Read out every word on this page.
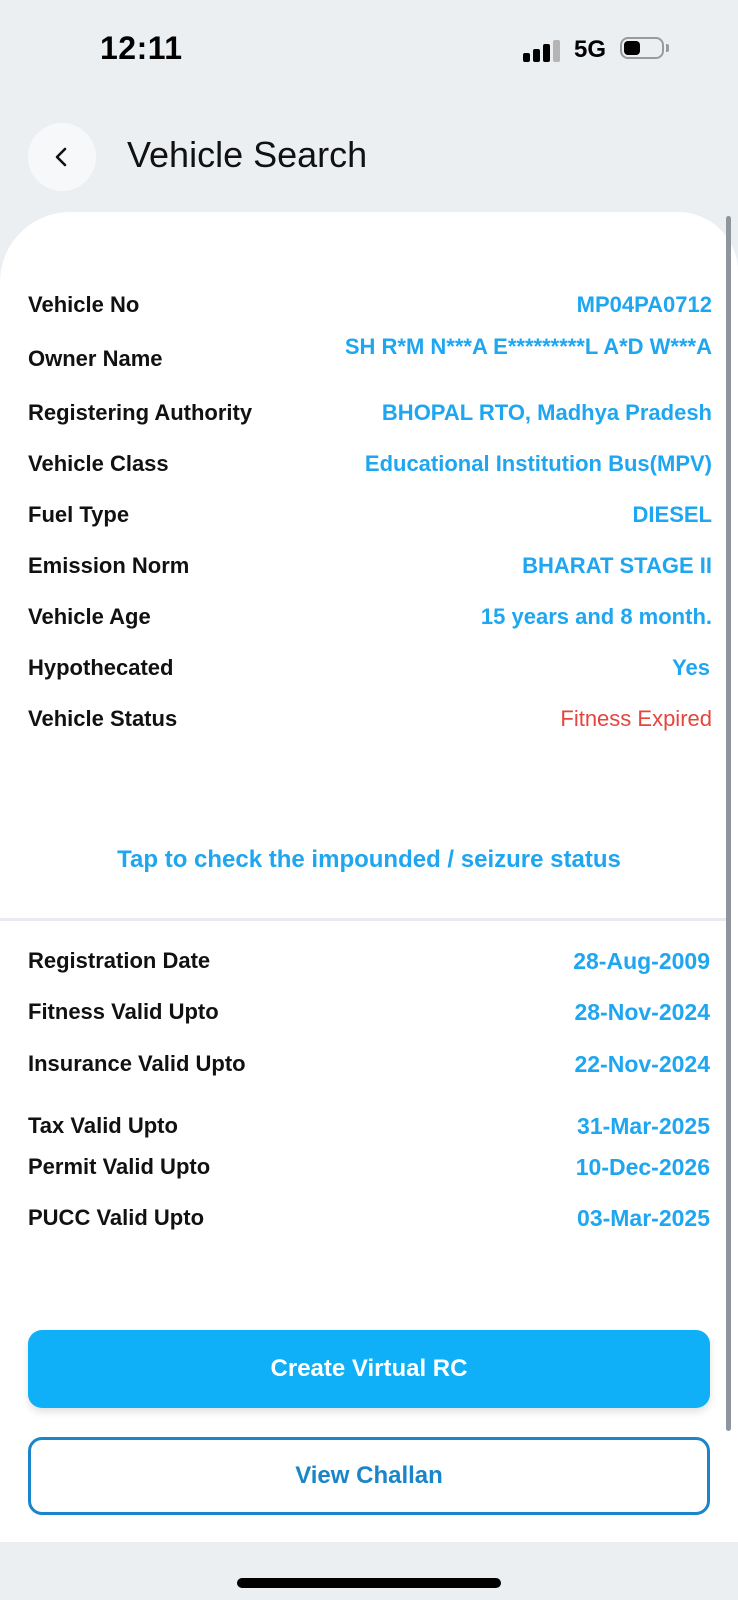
12:11	5G
Vehicle Search
Vehicle No	MP04PA0712
Owner Name	SH R*M N***A E*********L A*D W***A
Registering Authority	BHOPAL RTO, Madhya Pradesh
Vehicle Class	Educational Institution Bus(MPV)
Fuel Type	DIESEL
Emission Norm	BHARAT STAGE II
Vehicle Age	15 years and 8 month.
Hypothecated	Yes
Vehicle Status	Fitness Expired
Tap to check the impounded / seizure status
Registration Date	28-Aug-2009
Fitness Valid Upto	28-Nov-2024
Insurance Valid Upto	22-Nov-2024
Tax Valid Upto	31-Mar-2025
Permit Valid Upto	10-Dec-2026
PUCC Valid Upto	03-Mar-2025
Create Virtual RC
View Challan
